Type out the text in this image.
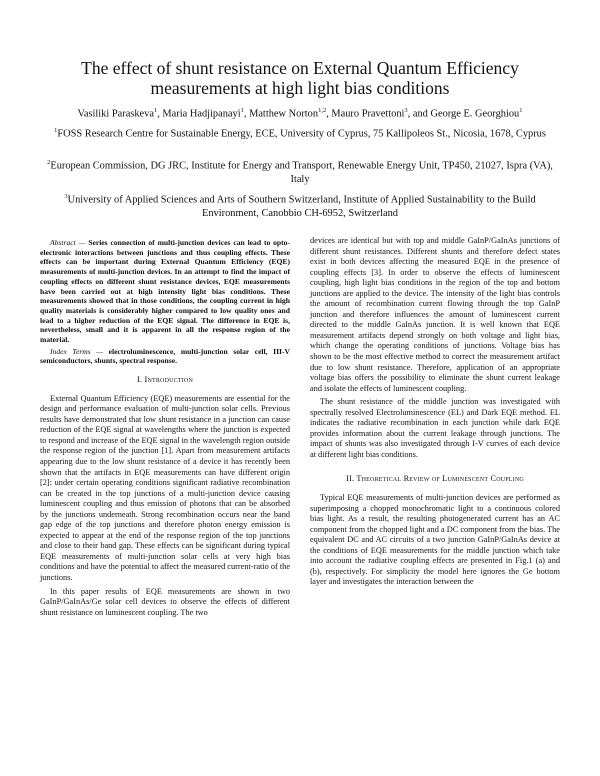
The effect of shunt resistance on External Quantum Efficiency measurements at high light bias conditions
Vasiliki Paraskeva$^1$, Maria Hadjipanayi$^1$, Matthew Norton$^{1,2}$, Mauro Pravettoni$^3$, and George E. Georghiou$^1$
$^1$FOSS Research Centre for Sustainable Energy, ECE, University of Cyprus, 75 Kallipoleos St., Nicosia, 1678, Cyprus
$^2$European Commission, DG JRC, Institute for Energy and Transport, Renewable Energy Unit, TP450, 21027, Ispra (VA), Italy
$^3$University of Applied Sciences and Arts of Southern Switzerland, Institute of Applied Sustainability to the Build Environment, Canobbio CH-6952, Switzerland

Abstract — Series connection of multi-junction devices can lead to opto-electronic interactions between junctions and thus coupling effects. These effects can be important during External Quantum Efficiency (EQE) measurements of multi-junction devices. In an attempt to find the impact of coupling effects on different shunt resistance devices, EQE measurements have been carried out at high intensity light bias conditions. These measurements showed that in those conditions, the coupling current in high quality materials is considerably higher compared to low quality ones and lead to a higher reduction of the EQE signal. The difference in EQE is, nevertheless, small and it is apparent in all the response region of the material.

Index Terms — electroluminescence, multi-junction solar cell, III-V semiconductors, shunts, spectral response.

I. Introduction

External Quantum Efficiency (EQE) measurements are essential for the design and performance evaluation of multi-junction solar cells. Previous results have demonstrated that low shunt resistance in a junction can cause reduction of the EQE signal at wavelengths where the junction is expected to respond and increase of the EQE signal in the wavelength region outside the response region of the junction [1]. Apart from measurement artifacts appearing due to the low shunt resistance of a device it has recently been shown that the artifacts in EQE measurements can have different origin [2]: under certain operating conditions significant radiative recombination can be created in the top junctions of a multi-junction device causing luminescent coupling and thus emission of photons that can be absorbed by the junctions underneath. Strong recombination occurs near the band gap edge of the top junctions and therefore photon energy emission is expected to appear at the end of the response region of the top junctions and close to their band gap. These effects can be significant during typical EQE measurements of multi-junction solar cells at very high bias conditions and have the potential to affect the measured current-ratio of the junctions.

In this paper results of EQE measurements are shown in two GaInP/GaInAs/Ge solar cell devices to observe the effects of different shunt resistance on luminescent coupling. The two

devices are identical but with top and middle GaInP/GaInAs junctions of different shunt resistances. Different shunts and therefore defect states exist in both devices affecting the measured EQE in the presence of coupling effects [3]. In order to observe the effects of luminescent coupling, high light bias conditions in the region of the top and bottom junctions are applied to the device. The intensity of the light bias controls the amount of recombination current flowing through the top GaInP junction and therefore influences the amount of luminescent current directed to the middle GaInAs junction. It is well known that EQE measurement artifacts depend strongly on both voltage and light bias, which change the operating conditions of junctions. Voltage bias has shown to be the most effective method to correct the measurement artifact due to low shunt resistance. Therefore, application of an appropriate voltage bias offers the possibility to eliminate the shunt current leakage and isolate the effects of luminescent coupling.

The shunt resistance of the middle junction was investigated with spectrally resolved Electroluminescence (EL) and Dark EQE method. EL indicates the radiative recombination in each junction while dark EQE provides information about the current leakage through junctions. The impact of shunts was also investigated through I-V curves of each device at different light bias conditions.

II. Theoretical Review of Luminescent Coupling

Typical EQE measurements of multi-junction devices are performed as superimposing a chopped monochromatic light to a continuous colored bias light. As a result, the resulting photogenerated current has an AC component from the chopped light and a DC component from the bias. The equivalent DC and AC circuits of a two junction GaInP/GaInAs device at the conditions of EQE measurements for the middle junction which take into account the radiative coupling effects are presented in Fig.1 (a) and (b), respectively. For simplicity the model here ignores the Ge bottom layer and investigates the interaction between the
